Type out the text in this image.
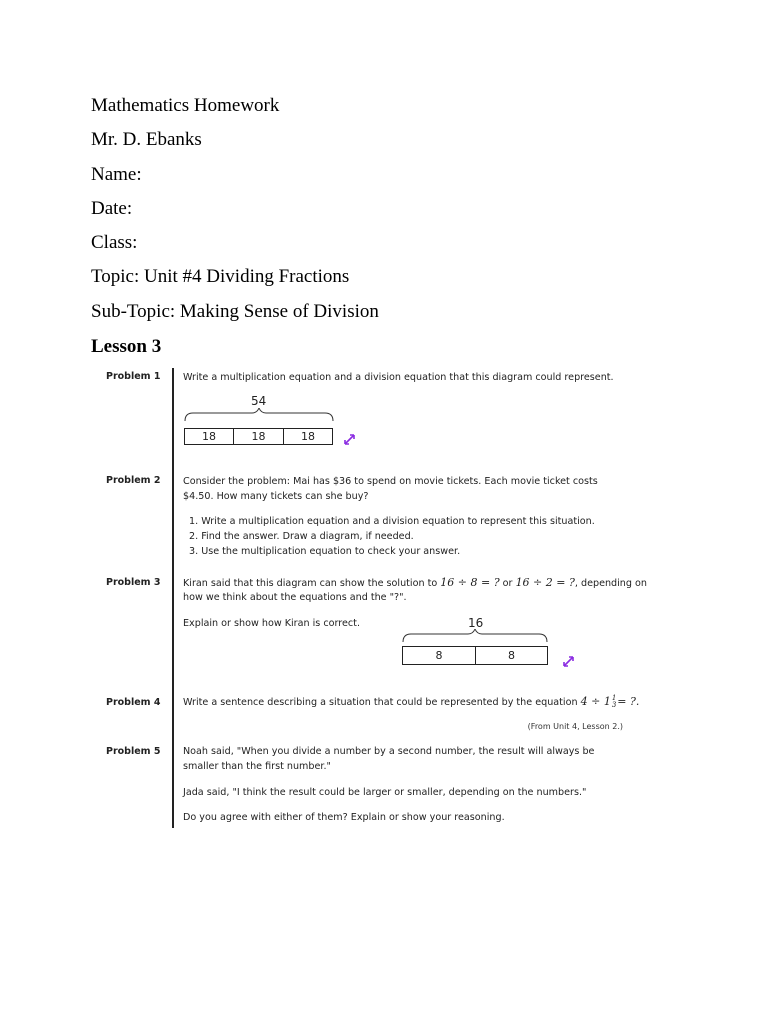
Mathematics Homework
Mr. D. Ebanks
Name:
Date:
Class:
Topic: Unit #4 Dividing Fractions
Sub-Topic: Making Sense of Division
Lesson 3
Problem 1 Write a multiplication equation and a division equation that this diagram could represent.
54
18	18	18
Problem 2 Consider the problem: Mai has $36 to spend on movie tickets. Each movie ticket costs $4.50. How many tickets can she buy?
1. Write a multiplication equation and a division equation to represent this situation.
2. Find the answer. Draw a diagram, if needed.
3. Use the multiplication equation to check your answer.
Problem 3 Kiran said that this diagram can show the solution to 16 ÷ 8 = ? or 16 ÷ 2 = ?, depending on
how we think about the equations and the "?".
Explain or show how Kiran is correct.	16
8	8
Problem 4 Write a sentence describing a situation that could be represented by the equation 4 ÷ 1 1
3 = ?.
(From Unit 4, Lesson 2.)
Problem 5 Noah said, "When you divide a number by a second number, the result will always be smaller than the first number."
Jada said, "I think the result could be larger or smaller, depending on the numbers."
Do you agree with either of them? Explain or show your reasoning.
